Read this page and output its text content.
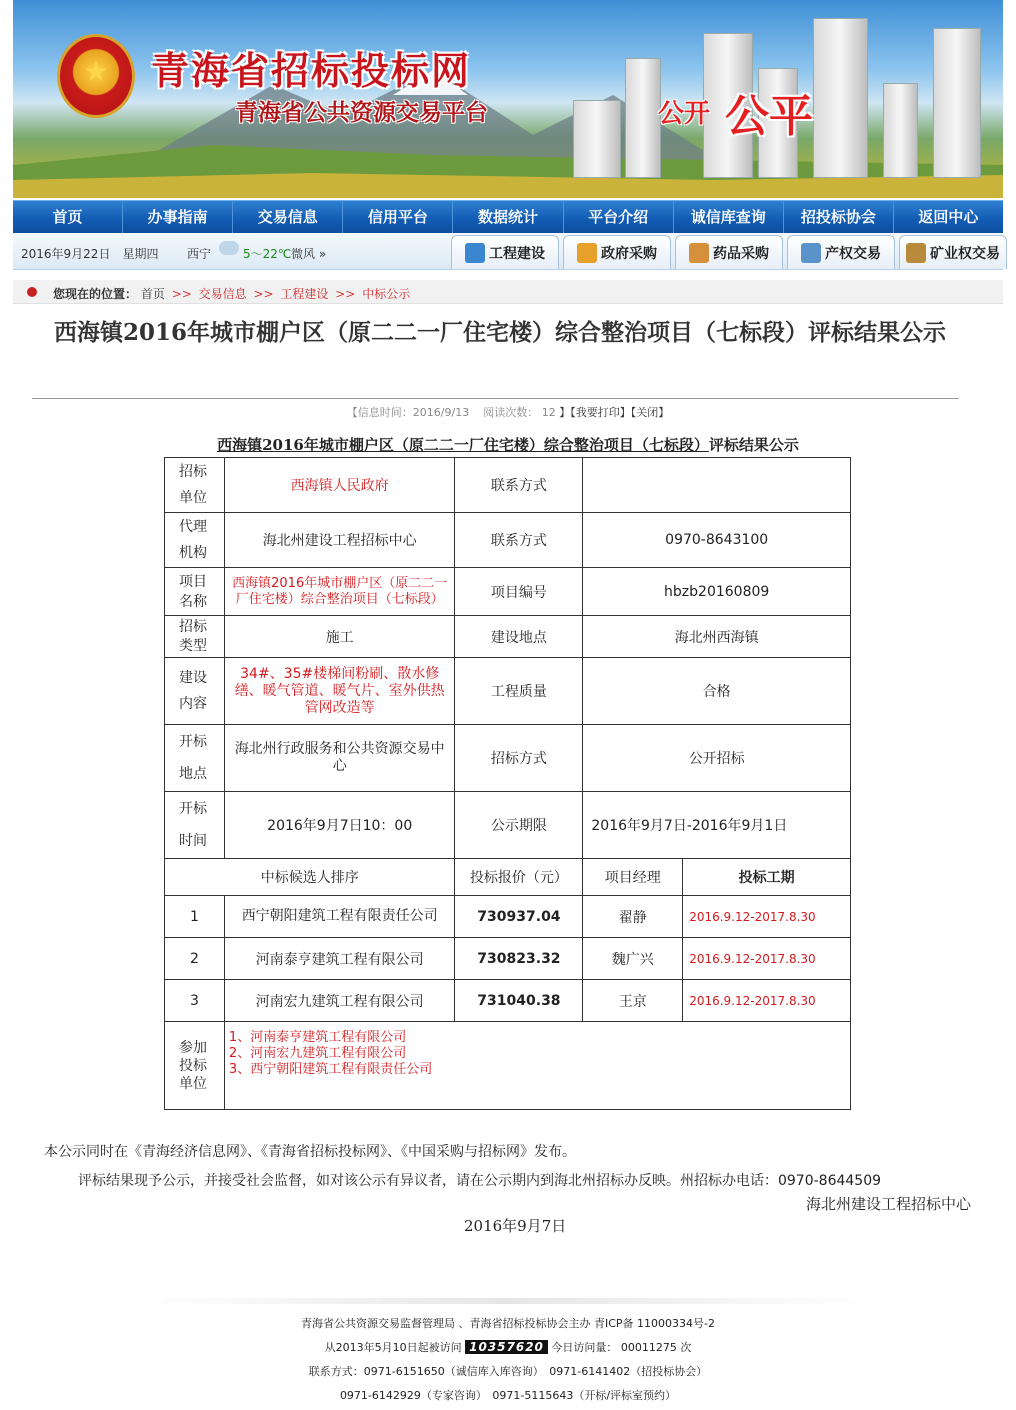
★	青海省招标投标网
青海省公共资源交易平台	公开 公平
首页	办事指南	交易信息	信用平台	数据统计	平台介绍	诚信库查询	招投标协会	返回中心
2016年9月22日　星期四 西宁	5～22℃ 微风 »	工程建设	政府采购	药品采购	产权交易	矿业权交易
您现在的位置： 首页 >> 交易信息 >> 工程建设 >> 中标公示
西海镇2016年城市棚户区（原二二一厂住宅楼）综合整治项目（七标段）评标结果公示
【信息时间：2016/9/13 阅读次数： 12 】【我要打印】【关闭】
西海镇2016年城市棚户区（原二二一厂住宅楼）综合整治项目（七标段）评标结果公示
招标单位	西海镇人民政府	联系方式		
代理机构	海北州建设工程招标中心	联系方式	0970-8643100	
项目名称	西海镇2016年城市棚户区（原二二一厂住宅楼）综合整治项目（七标段）	项目编号	hbzb20160809	
招标类型	施工	建设地点	海北州西海镇	
建设内容	34#、35#楼梯间粉刷、散水修缮、暖气管道、暖气片、室外供热管网改造等	工程质量	合格	
开标地点	海北州行政服务和公共资源交易中心	招标方式	公开招标	
开标时间	2016年9月7日10：00	公示期限	2016年9月7日-2016年9月1日	
中标候选人排序		投标报价（元）	项目经理	投标工期
1	西宁朝阳建筑工程有限责任公司	730937.04	翟静	2016.9.12-2017.8.30
2	河南泰亨建筑工程有限公司	730823.32	魏广兴	2016.9.12-2017.8.30
3	河南宏九建筑工程有限公司	731040.38	王京	2016.9.12-2017.8.30
参加投标单位	1、河南泰亨建筑工程有限公司
2、河南宏九建筑工程有限公司
3、西宁朝阳建筑工程有限责任公司			
本公示同时在《青海经济信息网》、《青海省招标投标网》、《中国采购与招标网》发布。
评标结果现予公示，并接受社会监督，如对该公示有异议者，请在公示期内到海北州招标办反映。州招标办电话：0970-8644509
海北州建设工程招标中心
2016年9月7日
青海省公共资源交易监督管理局 、青海省招标投标协会主办 青ICP备 11000334号-2
从2013年5月10日起被访问 10357620 今日访问量： 00011275 次
联系方式：0971-6151650（诚信库入库咨询）　0971-6141402（招投标协会）
0971-6142929（专家咨询）　0971-5115643（开标/评标室预约）
